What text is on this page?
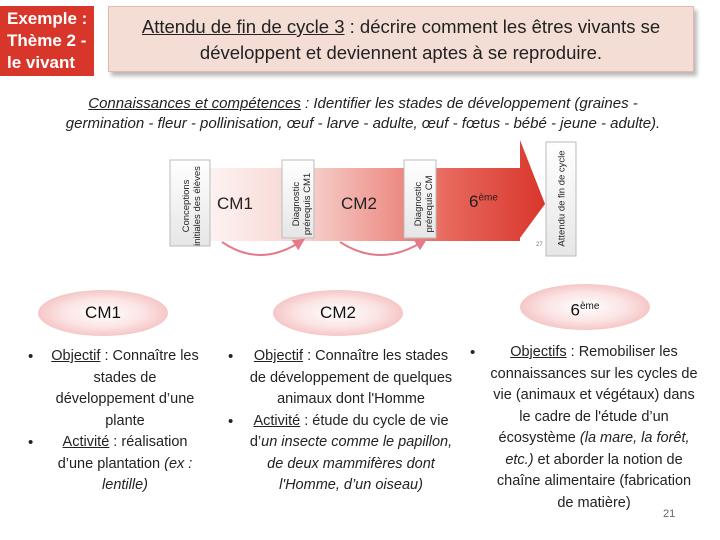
Exemple :
Thème 2 -
le vivant
Attendu de fin de cycle 3 : décrire comment les êtres vivants se développent et deviennent aptes à se reproduire.
Connaissances et compétences : Identifier les stades de développement (graines - germination - fleur - pollinisation, œuf - larve - adulte, œuf - fœtus - bébé - jeune - adulte).
Conceptions initiales des élèves	Diagnostic prérequis CM1	Diagnostic prérequis CM	Attendu de fin de cycle
CM1	CM2	6ème
27
CM1	CM2	6ème
• Objectif : Connaître les stades de développement d’une plante
• Activité : réalisation d’une plantation (ex : lentille)
• Objectif : Connaître les stades de développement de quelques animaux dont l'Homme
• Activité : étude du cycle de vie d’un insecte comme le papillon, de deux mammifères dont l'Homme, d’un oiseau)
• Objectifs : Remobiliser les connaissances sur les cycles de vie (animaux et végétaux) dans le cadre de l'étude d’un écosystème (la mare, la forêt, etc.) et aborder la notion de chaîne alimentaire (fabrication de matière)
21
